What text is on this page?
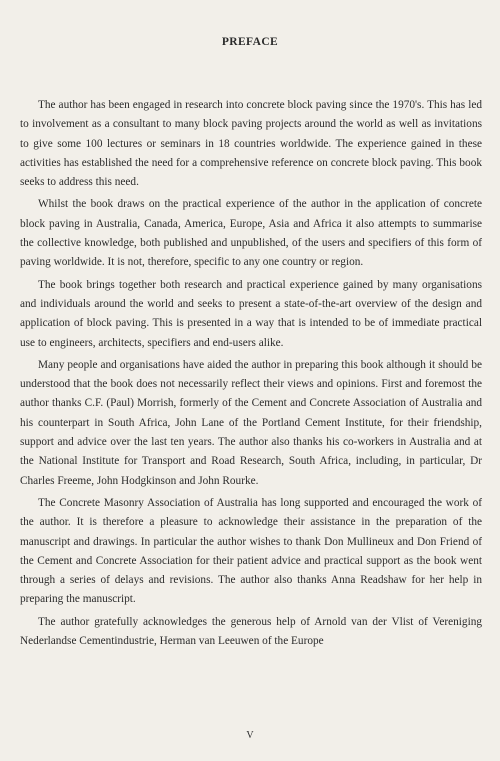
PREFACE

The author has been engaged in research into concrete block paving since the 1970's. This has led to involvement as a consultant to many block paving projects around the world as well as invitations to give some 100 lectures or seminars in 18 countries worldwide. The experience gained in these activities has established the need for a comprehensive reference on concrete block paving. This book seeks to address this need.

Whilst the book draws on the practical experience of the author in the application of concrete block paving in Australia, Canada, America, Europe, Asia and Africa it also attempts to summarise the collective knowledge, both published and unpublished, of the users and specifiers of this form of paving worldwide. It is not, therefore, specific to any one country or region.

The book brings together both research and practical experience gained by many organisations and individuals around the world and seeks to present a state-of-the-art overview of the design and application of block paving. This is presented in a way that is intended to be of immediate practical use to engineers, architects, specifiers and end-users alike.

Many people and organisations have aided the author in preparing this book although it should be understood that the book does not necessarily reflect their views and opinions. First and foremost the author thanks C.F. (Paul) Morrish, formerly of the Cement and Concrete Association of Australia and his counterpart in South Africa, John Lane of the Portland Cement Institute, for their friendship, support and advice over the last ten years. The author also thanks his co-workers in Australia and at the National Institute for Transport and Road Research, South Africa, including, in particular, Dr Charles Freeme, John Hodgkinson and John Rourke.

The Concrete Masonry Association of Australia has long supported and encouraged the work of the author. It is therefore a pleasure to acknowledge their assistance in the preparation of the manuscript and drawings. In particular the author wishes to thank Don Mullineux and Don Friend of the Cement and Concrete Association for their patient advice and practical support as the book went through a series of delays and revisions. The author also thanks Anna Readshaw for her help in preparing the manuscript.

The author gratefully acknowledges the generous help of Arnold van der Vlist of Vereniging Nederlandse Cementindustrie, Herman van Leeuwen of the Europe

V
